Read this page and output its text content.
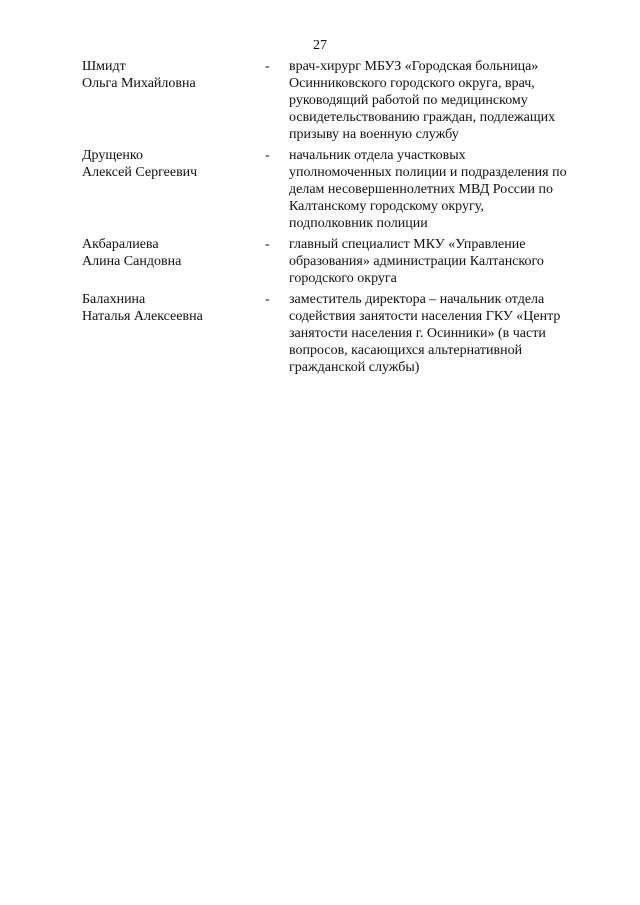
27
Шмидт
Ольга Михайловна
-	врач-хирург МБУЗ «Городская больница»
Осинниковского городского округа, врач,
руководящий работой по медицинскому
освидетельствованию граждан, подлежащих
призыву на военную службу
Друщенко
Алексей Сергеевич
-	начальник отдела участковых
уполномоченных полиции и подразделения по
делам несовершеннолетних МВД России по
Калтанскому городскому округу,
подполковник полиции
Акбаралиева
Алина Сандовна
-	главный специалист МКУ «Управление
образования» администрации Калтанского
городского округа
Балахнина
Наталья Алексеевна
-	заместитель директора – начальник отдела
содействия занятости населения ГКУ «Центр
занятости населения г. Осинники» (в части
вопросов, касающихся альтернативной
гражданской службы)
